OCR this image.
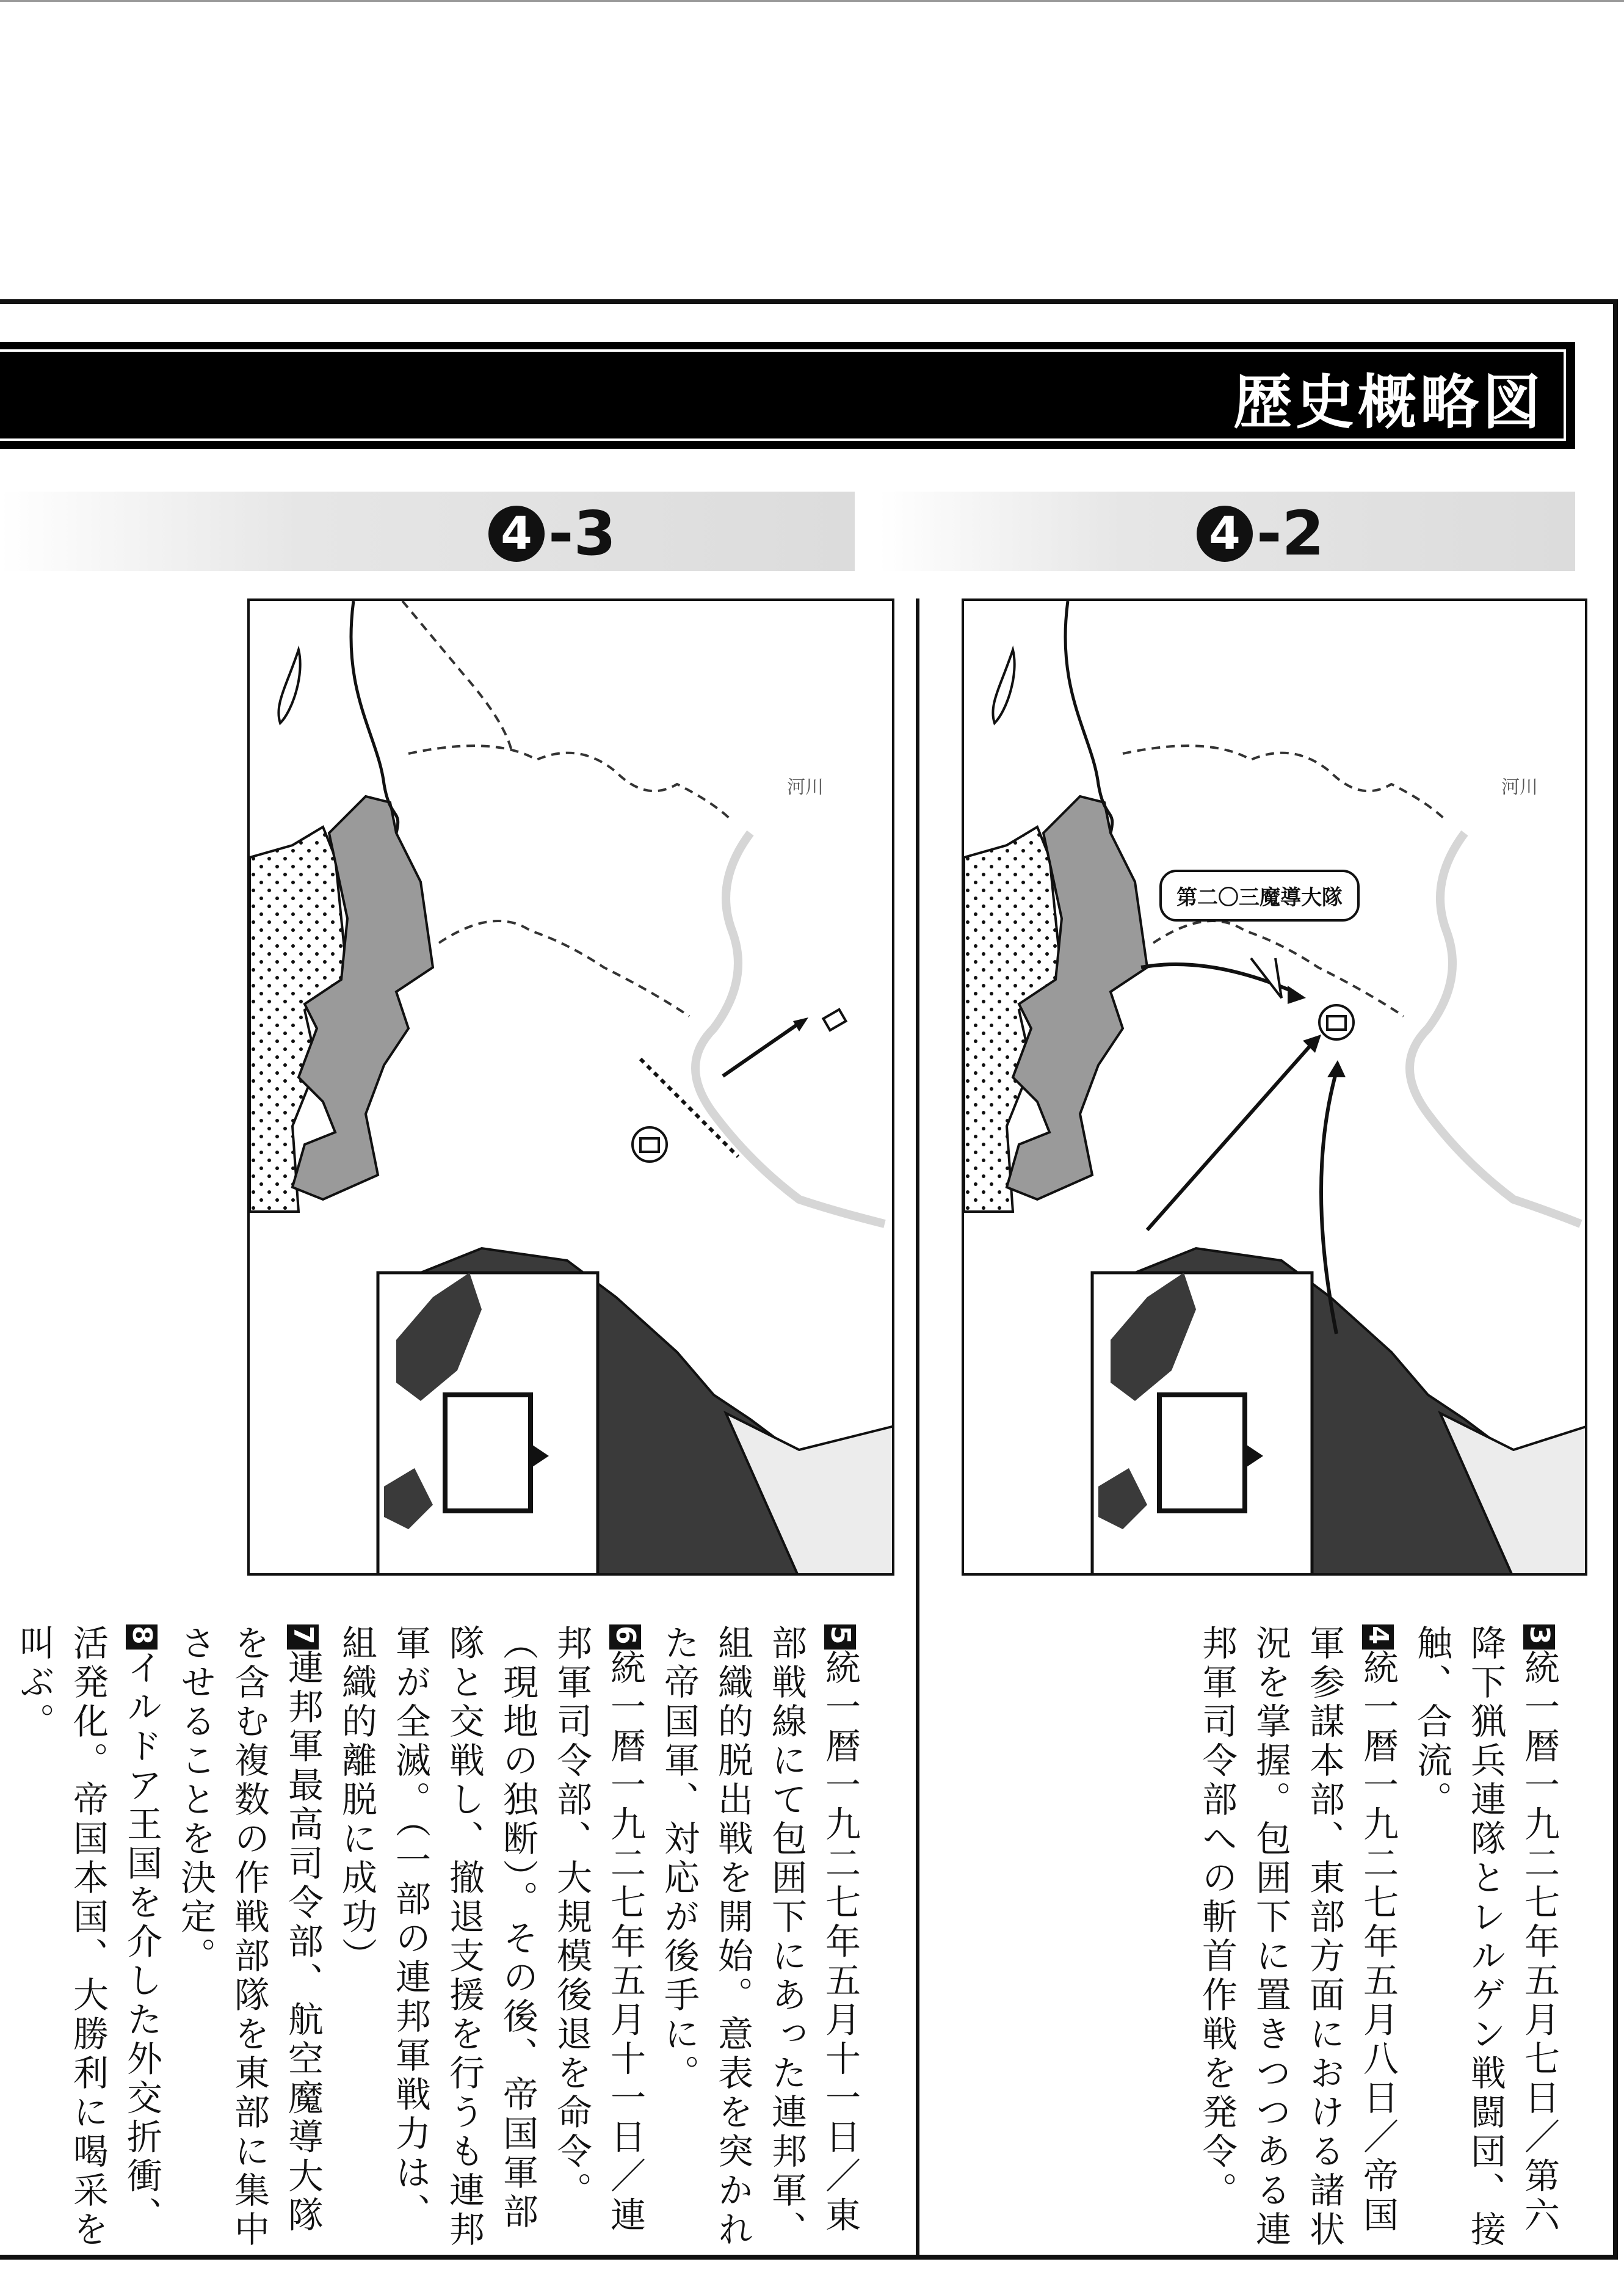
歴史概略図
4 -3	4 -2
河川	河川
第二〇三魔導大隊

3統一暦一九二七年五月七日／第六降下猟兵連隊とレルゲン戦闘団、接触、合流。

4統一暦一九二七年五月八日／帝国軍参謀本部、東部方面における諸状況を掌握。包囲下に置きつつある連邦軍司令部への斬首作戦を発令。

5統一暦一九二七年五月十一日／東部戦線にて包囲下にあった連邦軍、組織的脱出戦を開始。意表を突かれた帝国軍、対応が後手に。

6統一暦一九二七年五月十一日／連邦軍司令部、大規模後退を命令。（現地の独断）。その後、帝国軍部隊と交戦し、撤退支援を行うも連邦軍が全滅。（一部の連邦軍戦力は、組織的離脱に成功）

7連邦軍最高司令部、航空魔導大隊を含む複数の作戦部隊を東部に集中させることを決定。

8イルドア王国を介した外交折衝、活発化。帝国本国、大勝利に喝采を叫ぶ。
